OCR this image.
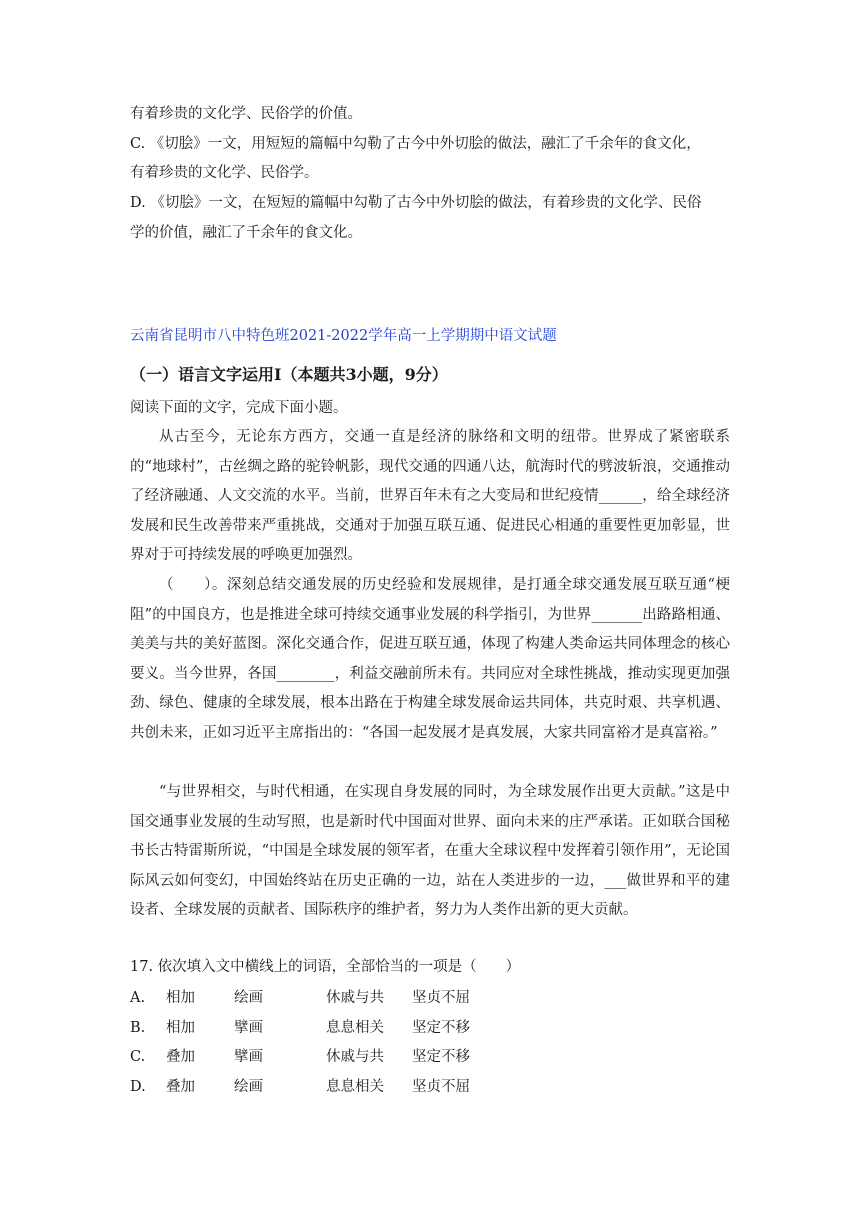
有着珍贵的文化学、民俗学的价值。
C. 《切脍》一文，用短短的篇幅中勾勒了古今中外切脍的做法，融汇了千余年的食文化，
有着珍贵的文化学、民俗学。
D. 《切脍》一文，在短短的篇幅中勾勒了古今中外切脍的做法，有着珍贵的文化学、民俗
学的价值，融汇了千余年的食文化。
云南省昆明市八中特色班2021-2022学年高一上学期期中语文试题
（一）语言文字运用Ⅰ（本题共3小题，9分）
阅读下面的文字，完成下面小题。
从古至今，无论东方西方，交通一直是经济的脉络和文明的纽带。世界成了紧密联系的“地球村”，古丝绸之路的驼铃帆影，现代交通的四通八达，航海时代的劈波斩浪，交通推动了经济融通、人文交流的水平。当前，世界百年未有之大变局和世纪疫情______，给全球经济发展和民生改善带来严重挑战，交通对于加强互联互通、促进民心相通的重要性更加彰显，世界对于可持续发展的呼唤更加强烈。
（　　）。深刻总结交通发展的历史经验和发展规律，是打通全球交通发展互联互通“梗阻”的中国良方，也是推进全球可持续交通事业发展的科学指引，为世界_______出路路相通、美美与共的美好蓝图。深化交通合作，促进互联互通，体现了构建人类命运共同体理念的核心要义。当今世界，各国________，利益交融前所未有。共同应对全球性挑战，推动实现更加强劲、绿色、健康的全球发展，根本出路在于构建全球发展命运共同体，共克时艰、共享机遇、共创未来，正如习近平主席指出的：“各国一起发展才是真发展，大家共同富裕才是真富裕。”
“与世界相交，与时代相通，在实现自身发展的同时，为全球发展作出更大贡献。”这是中国交通事业发展的生动写照，也是新时代中国面对世界、面向未来的庄严承诺。正如联合国秘书长古特雷斯所说，“中国是全球发展的领军者，在重大全球议程中发挥着引领作用”，无论国际风云如何变幻，中国始终站在历史正确的一边，站在人类进步的一边，___做世界和平的建设者、全球发展的贡献者、国际秩序的维护者，努力为人类作出新的更大贡献。
17. 依次填入文中横线上的词语，全部恰当的一项是（　　）
A. 相加	绘画	休戚与共 坚贞不屈
B. 相加	擘画	息息相关 坚定不移
C. 叠加	擘画	休戚与共 坚定不移
D. 叠加	绘画	息息相关 坚贞不屈
